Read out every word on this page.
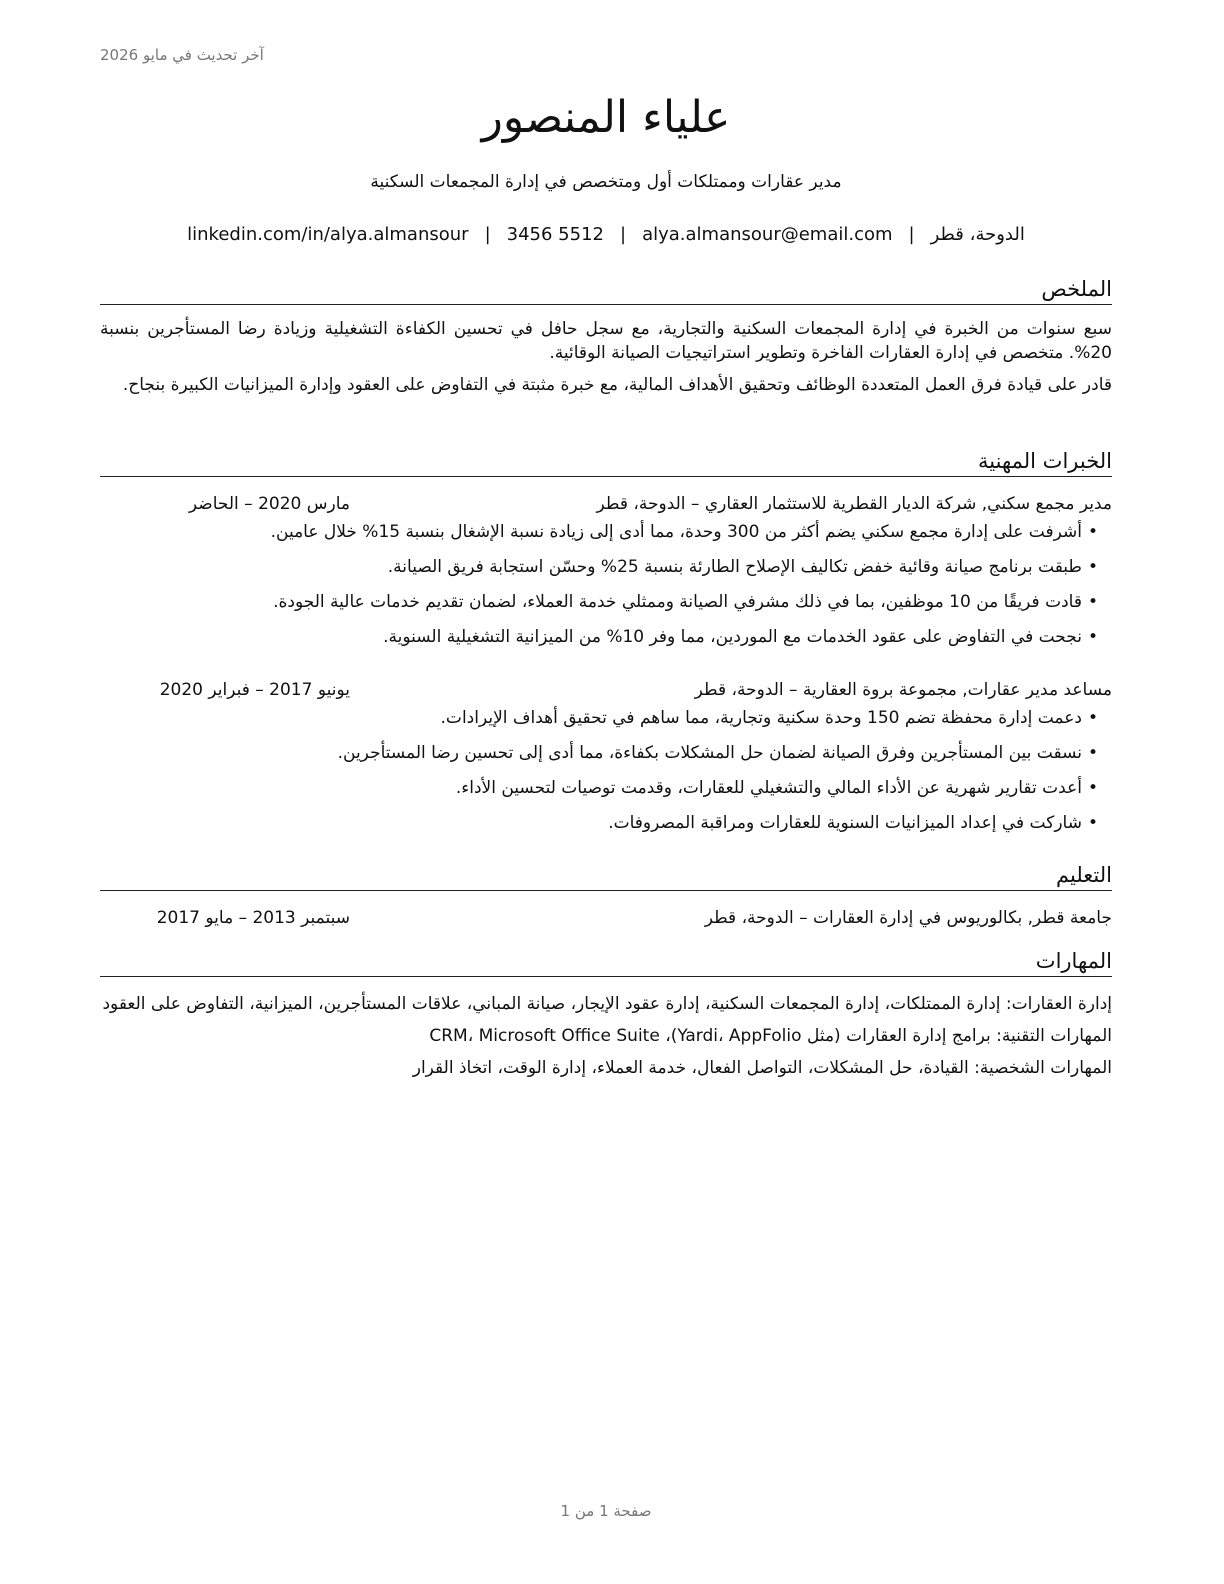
آخر تحديث في مايو 2026
علياء المنصور
مدير عقارات وممتلكات أول ومتخصص في إدارة المجمعات السكنية
الدوحة، قطر|alya.almansour@email.com|3456 5512|linkedin.com/in/alya.almansour
الملخص

سبع سنوات من الخبرة في إدارة المجمعات السكنية والتجارية، مع سجل حافل في تحسين الكفاءة التشغيلية وزيادة رضا المستأجرين بنسبة 20%. متخصص في إدارة العقارات الفاخرة وتطوير استراتيجيات الصيانة الوقائية.

قادر على قيادة فرق العمل المتعددة الوظائف وتحقيق الأهداف المالية، مع خبرة مثبتة في التفاوض على العقود وإدارة الميزانيات الكبيرة بنجاح.

الخبرات المهنية
مدير مجمع سكني, شركة الديار القطرية للاستثمار العقاري – الدوحة، قطر
مارس 2020 – الحاضر
• أشرفت على إدارة مجمع سكني يضم أكثر من 300 وحدة، مما أدى إلى زيادة نسبة الإشغال بنسبة 15% خلال عامين.
• طبقت برنامج صيانة وقائية خفض تكاليف الإصلاح الطارئة بنسبة 25% وحسّن استجابة فريق الصيانة.
• قادت فريقًا من 10 موظفين، بما في ذلك مشرفي الصيانة وممثلي خدمة العملاء، لضمان تقديم خدمات عالية الجودة.
• نجحت في التفاوض على عقود الخدمات مع الموردين، مما وفر 10% من الميزانية التشغيلية السنوية.
مساعد مدير عقارات, مجموعة بروة العقارية – الدوحة، قطر
يونيو 2017 – فبراير 2020
• دعمت إدارة محفظة تضم 150 وحدة سكنية وتجارية، مما ساهم في تحقيق أهداف الإيرادات.
• نسقت بين المستأجرين وفرق الصيانة لضمان حل المشكلات بكفاءة، مما أدى إلى تحسين رضا المستأجرين.
• أعدت تقارير شهرية عن الأداء المالي والتشغيلي للعقارات، وقدمت توصيات لتحسين الأداء.
• شاركت في إعداد الميزانيات السنوية للعقارات ومراقبة المصروفات.
التعليم
جامعة قطر, بكالوريوس في إدارة العقارات – الدوحة، قطر
سبتمبر 2013 – مايو 2017
المهارات
إدارة العقارات: إدارة الممتلكات، إدارة المجمعات السكنية، إدارة عقود الإيجار، صيانة المباني، علاقات المستأجرين، الميزانية، التفاوض على العقود
المهارات التقنية: برامج إدارة العقارات (مثل Yardi، AppFolio)، CRM، Microsoft Office Suite
المهارات الشخصية: القيادة، حل المشكلات، التواصل الفعال، خدمة العملاء، إدارة الوقت، اتخاذ القرار
صفحة 1 من 1
